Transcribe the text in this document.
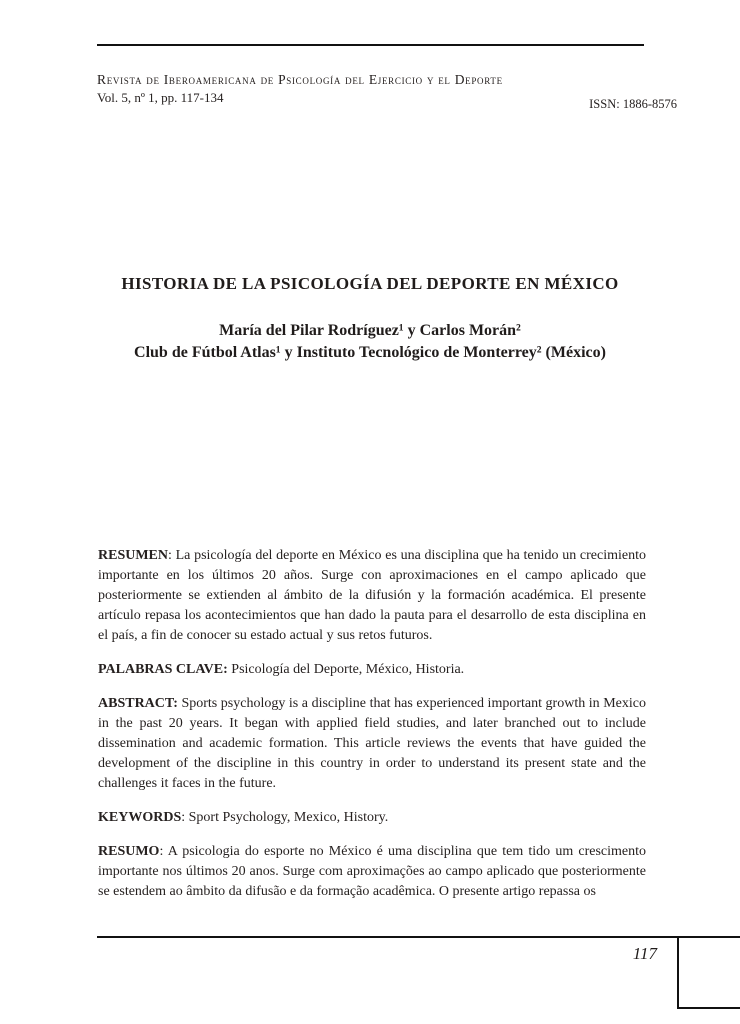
Revista de Iberoamericana de Psicología del Ejercicio y el Deporte
Vol. 5, nº 1, pp. 117-134	ISSN: 1886-8576
HISTORIA DE LA PSICOLOGÍA DEL DEPORTE EN MÉXICO
María del Pilar Rodríguez¹ y Carlos Morán²
Club de Fútbol Atlas¹ y Instituto Tecnológico de Monterrey² (México)

RESUMEN: La psicología del deporte en México es una disciplina que ha tenido un crecimiento importante en los últimos 20 años. Surge con aproximaciones en el campo aplicado que posteriormente se extienden al ámbito de la difusión y la formación académica. El presente artículo repasa los acontecimientos que han dado la pauta para el desarrollo de esta disciplina en el país, a fin de conocer su estado actual y sus retos futuros.

PALABRAS CLAVE: Psicología del Deporte, México, Historia.

ABSTRACT: Sports psychology is a discipline that has experienced important growth in Mexico in the past 20 years. It began with applied field studies, and later branched out to include dissemination and academic formation. This article reviews the events that have guided the development of the discipline in this country in order to understand its present state and the challenges it faces in the future.

KEYWORDS: Sport Psychology, Mexico, History.

RESUMO: A psicologia do esporte no México é uma disciplina que tem tido um crescimento importante nos últimos 20 anos. Surge com aproximações ao campo aplicado que posteriormente se estendem ao âmbito da difusão e da formação acadêmica. O presente artigo repassa os

117
